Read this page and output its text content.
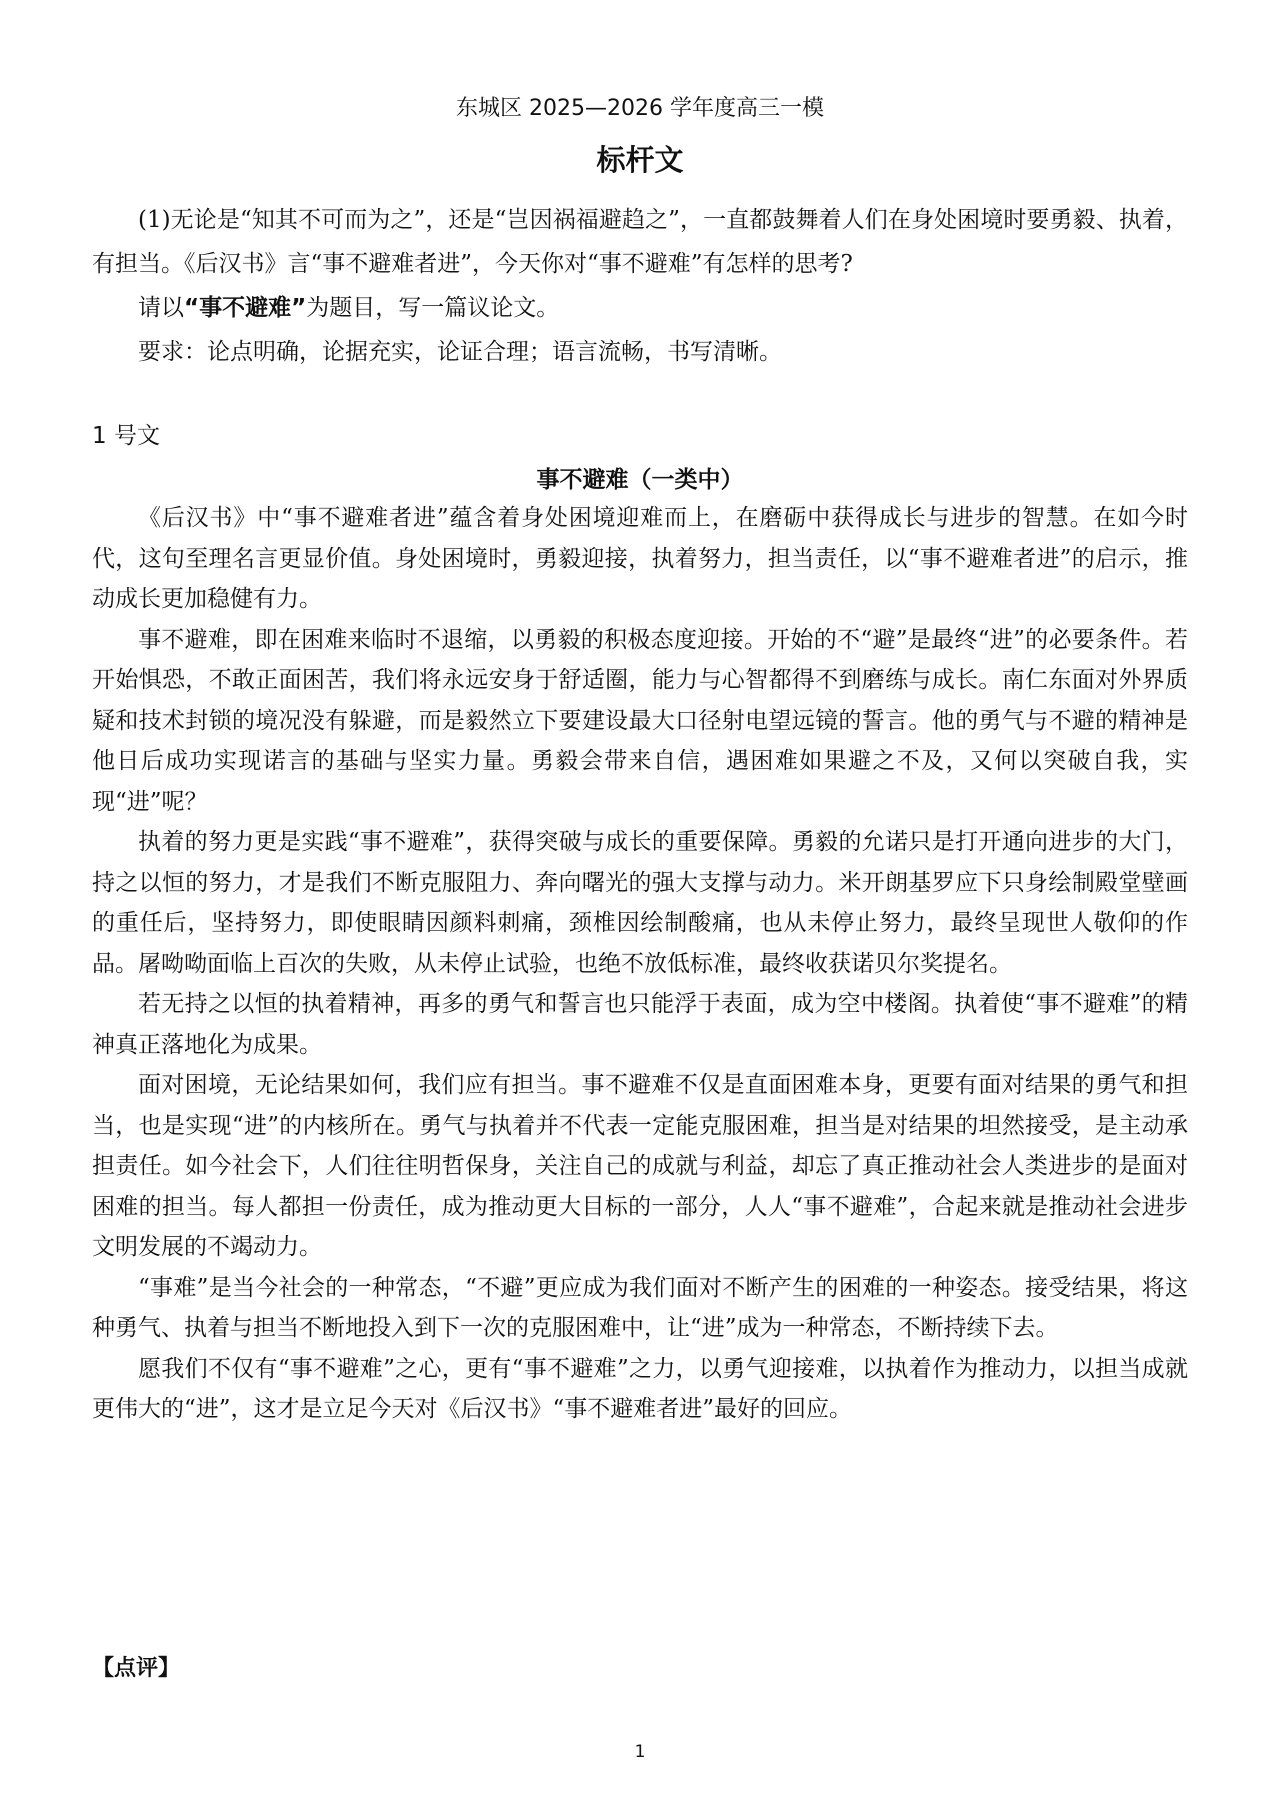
东城区 2025—2026 学年度高三一模
标杆文

(1)无论是“知其不可而为之”，还是“岂因祸福避趋之”，一直都鼓舞着人们在身处困境时要勇毅、执着，有担当。《后汉书》言“事不避难者进”，今天你对“事不避难”有怎样的思考?

请以“事不避难”为题目，写一篇议论文。

要求：论点明确，论据充实，论证合理；语言流畅，书写清晰。

1 号文
事不避难（一类中）

《后汉书》中“事不避难者进”蕴含着身处困境迎难而上，在磨砺中获得成长与进步的智慧。在如今时代，这句至理名言更显价值。身处困境时，勇毅迎接，执着努力，担当责任，以“事不避难者进”的启示，推动成长更加稳健有力。

事不避难，即在困难来临时不退缩，以勇毅的积极态度迎接。开始的不“避”是最终“进”的必要条件。若开始惧恐，不敢正面困苦，我们将永远安身于舒适圈，能力与心智都得不到磨练与成长。南仁东面对外界质疑和技术封锁的境况没有躲避，而是毅然立下要建设最大口径射电望远镜的誓言。他的勇气与不避的精神是他日后成功实现诺言的基础与坚实力量。勇毅会带来自信，遇困难如果避之不及，又何以突破自我，实现“进”呢？

执着的努力更是实践“事不避难”，获得突破与成长的重要保障。勇毅的允诺只是打开通向进步的大门，持之以恒的努力，才是我们不断克服阻力、奔向曙光的强大支撑与动力。米开朗基罗应下只身绘制殿堂壁画的重任后，坚持努力，即使眼睛因颜料刺痛，颈椎因绘制酸痛，也从未停止努力，最终呈现世人敬仰的作品。屠呦呦面临上百次的失败，从未停止试验，也绝不放低标准，最终收获诺贝尔奖提名。

若无持之以恒的执着精神，再多的勇气和誓言也只能浮于表面，成为空中楼阁。执着使“事不避难”的精神真正落地化为成果。

面对困境，无论结果如何，我们应有担当。事不避难不仅是直面困难本身，更要有面对结果的勇气和担当，也是实现“进”的内核所在。勇气与执着并不代表一定能克服困难，担当是对结果的坦然接受，是主动承担责任。如今社会下，人们往往明哲保身，关注自己的成就与利益，却忘了真正推动社会人类进步的是面对困难的担当。每人都担一份责任，成为推动更大目标的一部分，人人“事不避难”，合起来就是推动社会进步文明发展的不竭动力。

“事难”是当今社会的一种常态，“不避”更应成为我们面对不断产生的困难的一种姿态。接受结果，将这种勇气、执着与担当不断地投入到下一次的克服困难中，让“进”成为一种常态，不断持续下去。

愿我们不仅有“事不避难”之心，更有“事不避难”之力，以勇气迎接难，以执着作为推动力，以担当成就更伟大的“进”，这才是立足今天对《后汉书》“事不避难者进”最好的回应。

【点评】
1
